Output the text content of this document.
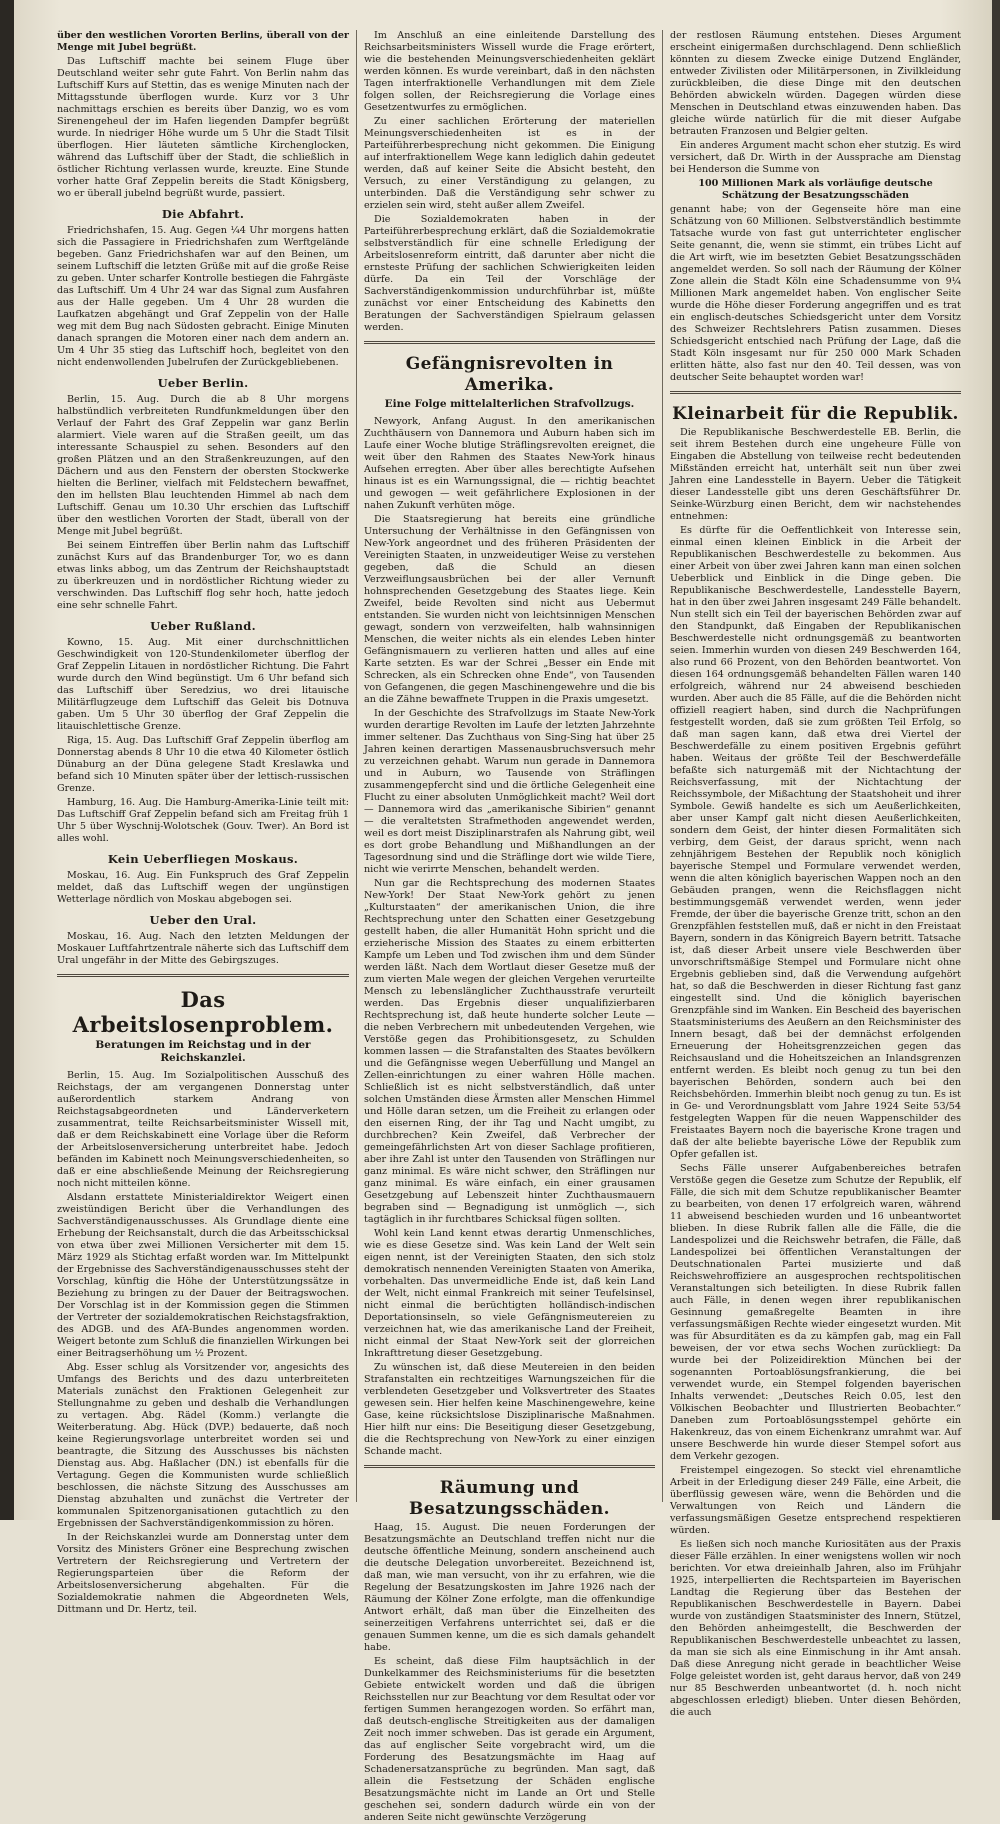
über den westlichen Vororten Berlins, überall von der Menge mit Jubel begrüßt.

Das Luftschiff machte bei seinem Fluge über Deutschland weiter sehr gute Fahrt. Von Berlin nahm das Luftschiff Kurs auf Stettin, das es wenige Minuten nach der Mittagsstunde überflogen wurde. Kurz vor 3 Uhr nachmittags erschien es bereits über Danzig, wo es vom Sirenengeheul der im Hafen liegenden Dampfer begrüßt wurde. In niedriger Höhe wurde um 5 Uhr die Stadt Tilsit überflogen. Hier läuteten sämtliche Kirchenglocken, während das Luftschiff über der Stadt, die schließlich in östlicher Richtung verlassen wurde, kreuzte. Eine Stunde vorher hatte Graf Zeppelin bereits die Stadt Königsberg, wo er überall jubelnd begrüßt wurde, passiert.

Die Abfahrt.

Friedrichshafen, 15. Aug. Gegen ¼4 Uhr morgens hatten sich die Passagiere in Friedrichshafen zum Werftgelände begeben. Ganz Friedrichshafen war auf den Beinen, um seinem Luftschiff die letzten Grüße mit auf die große Reise zu geben. Unter scharfer Kontrolle bestiegen die Fahrgäste das Luftschiff. Um 4 Uhr 24 war das Signal zum Ausfahren aus der Halle gegeben. Um 4 Uhr 28 wurden die Laufkatzen abgehängt und Graf Zeppelin von der Halle weg mit dem Bug nach Südosten gebracht. Einige Minuten danach sprangen die Motoren einer nach dem andern an. Um 4 Uhr 35 stieg das Luftschiff hoch, begleitet von den nicht endenwollenden Jubelrufen der Zurückgebliebenen.

Ueber Berlin.

Berlin, 15. Aug. Durch die ab 8 Uhr morgens halbstündlich verbreiteten Rundfunkmeldungen über den Verlauf der Fahrt des Graf Zeppelin war ganz Berlin alarmiert. Viele waren auf die Straßen geeilt, um das interessante Schauspiel zu sehen. Besonders auf den großen Plätzen und an den Straßenkreuzungen, auf den Dächern und aus den Fenstern der obersten Stockwerke hielten die Berliner, vielfach mit Feldstechern bewaffnet, den im hellsten Blau leuchtenden Himmel ab nach dem Luftschiff. Genau um 10.30 Uhr erschien das Luftschiff über den westlichen Vororten der Stadt, überall von der Menge mit Jubel begrüßt.

Bei seinem Eintreffen über Berlin nahm das Luftschiff zunächst Kurs auf das Brandenburger Tor, wo es dann etwas links abbog, um das Zentrum der Reichshauptstadt zu überkreuzen und in nordöstlicher Richtung wieder zu verschwinden. Das Luftschiff flog sehr hoch, hatte jedoch eine sehr schnelle Fahrt.

Ueber Rußland.

Kowno, 15. Aug. Mit einer durchschnittlichen Geschwindigkeit von 120-Stundenkilometer überflog der Graf Zeppelin Litauen in nordöstlicher Richtung. Die Fahrt wurde durch den Wind begünstigt. Um 6 Uhr befand sich das Luftschiff über Seredzius, wo drei litauische Militärflugzeuge dem Luftschiff das Geleit bis Dotnuva gaben. Um 5 Uhr 30 überflog der Graf Zeppelin die litauischlettische Grenze.

Riga, 15. Aug. Das Luftschiff Graf Zeppelin überflog am Donnerstag abends 8 Uhr 10 die etwa 40 Kilometer östlich Dünaburg an der Düna gelegene Stadt Kreslawka und befand sich 10 Minuten später über der lettisch-russischen Grenze.

Hamburg, 16. Aug. Die Hamburg-Amerika-Linie teilt mit: Das Luftschiff Graf Zeppelin befand sich am Freitag früh 1 Uhr 5 über Wyschnij-Wolotschek (Gouv. Twer). An Bord ist alles wohl.

Kein Ueberfliegen Moskaus.

Moskau, 16. Aug. Ein Funkspruch des Graf Zeppelin meldet, daß das Luftschiff wegen der ungünstigen Wetterlage nördlich von Moskau abgebogen sei.

Ueber den Ural.

Moskau, 16. Aug. Nach den letzten Meldungen der Moskauer Luftfahrtzentrale näherte sich das Luftschiff dem Ural ungefähr in der Mitte des Gebirgszuges.

Das Arbeitslosenproblem.
Beratungen im Reichstag und in der Reichskanzlei.

Berlin, 15. Aug. Im Sozialpolitischen Ausschuß des Reichstags, der am vergangenen Donnerstag unter außerordentlich starkem Andrang von Reichstagsabgeordneten und Länderverketern zusammentrat, teilte Reichsarbeitsminister Wissell mit, daß er dem Reichskabinett eine Vorlage über die Reform der Arbeitslosenversicherung unterbreitet habe. Jedoch befänden im Kabinett noch Meinungsverschiedenheiten, so daß er eine abschließende Meinung der Reichsregierung noch nicht mitteilen könne.

Alsdann erstattete Ministerialdirektor Weigert einen zweistündigen Bericht über die Verhandlungen des Sachverständigenausschusses. Als Grundlage diente eine Erhebung der Reichsanstalt, durch die das Arbeitsschicksal von etwa über zwei Millionen Versicherter mit dem 15. März 1929 als Stichtag erfaßt worden war. Im Mittelpunkt der Ergebnisse des Sachverständigenausschusses steht der Vorschlag, künftig die Höhe der Unterstützungssätze in Beziehung zu bringen zu der Dauer der Beitragswochen. Der Vorschlag ist in der Kommission gegen die Stimmen der Vertreter der sozialdemokratischen Reichstagsfraktion, des ADGB. und des AfA-Bundes angenommen worden. Weigert betonte zum Schluß die finanziellen Wirkungen bei einer Beitragserhöhung um ½ Prozent.

Abg. Esser schlug als Vorsitzender vor, angesichts des Umfangs des Berichts und des dazu unterbreiteten Materials zunächst den Fraktionen Gelegenheit zur Stellungnahme zu geben und deshalb die Verhandlungen zu vertagen. Abg. Rädel (Komm.) verlangte die Weiterberatung. Abg. Hück (DVP.) bedauerte, daß noch keine Regierungsvorlage unterbreitet worden sei und beantragte, die Sitzung des Ausschusses bis nächsten Dienstag aus. Abg. Haßlacher (DN.) ist ebenfalls für die Vertagung. Gegen die Kommunisten wurde schließlich beschlossen, die nächste Sitzung des Ausschusses am Dienstag abzuhalten und zunächst die Vertreter der kommunalen Spitzenorganisationen gutachtlich zu den Ergebnissen der Sachverständigenkommission zu hören.

In der Reichskanzlei wurde am Donnerstag unter dem Vorsitz des Ministers Gröner eine Besprechung zwischen Vertretern der Reichsregierung und Vertretern der Regierungsparteien über die Reform der Arbeitslosenversicherung abgehalten. Für die Sozialdemokratie nahmen die Abgeordneten Wels, Dittmann und Dr. Hertz, teil.

Im Anschluß an eine einleitende Darstellung des Reichsarbeitsministers Wissell wurde die Frage erörtert, wie die bestehenden Meinungsverschiedenheiten geklärt werden können. Es wurde vereinbart, daß in den nächsten Tagen interfraktionelle Verhandlungen mit dem Ziele folgen sollen, der Reichsregierung die Vorlage eines Gesetzentwurfes zu ermöglichen.

Zu einer sachlichen Erörterung der materiellen Meinungsverschiedenheiten ist es in der Parteiführerbesprechung nicht gekommen. Die Einigung auf interfraktionellem Wege kann lediglich dahin gedeutet werden, daß auf keiner Seite die Absicht besteht, den Versuch, zu einer Verständigung zu gelangen, zu unterbinden. Daß die Verständigung sehr schwer zu erzielen sein wird, steht außer allem Zweifel.

Die Sozialdemokraten haben in der Parteiführerbesprechung erklärt, daß die Sozialdemokratie selbstverständlich für eine schnelle Erledigung der Arbeitslosenreform eintritt, daß darunter aber nicht die ernsteste Prüfung der sachlichen Schwierigkeiten leiden dürfe. Da ein Teil der Vorschläge der Sachverständigenkommission undurchführbar ist, müßte zunächst vor einer Entscheidung des Kabinetts den Beratungen der Sachverständigen Spielraum gelassen werden.

Gefängnisrevolten in Amerika.
Eine Folge mittelalterlichen Strafvollzugs.

Newyork, Anfang August. In den amerikanischen Zuchthäusern von Dannemora und Auburn haben sich im Laufe einer Woche blutige Sträflingsrevolten ereignet, die weit über den Rahmen des Staates New-York hinaus Aufsehen erregten. Aber über alles berechtigte Aufsehen hinaus ist es ein Warnungssignal, die — richtig beachtet und gewogen — weit gefährlichere Explosionen in der nahen Zukunft verhüten möge.

Die Staatsregierung hat bereits eine gründliche Untersuchung der Verhältnisse in den Gefängnissen von New-York angeordnet und des früheren Präsidenten der Vereinigten Staaten, in unzweideutiger Weise zu verstehen gegeben, daß die Schuld an diesen Verzweiflungsausbrüchen bei der aller Vernunft hohnsprechenden Gesetzgebung des Staates liege. Kein Zweifel, beide Revolten sind nicht aus Uebermut entstanden. Sie wurden nicht von leichtsinnigen Menschen gewagt, sondern von verzweifelten, halb wahnsinnigen Menschen, die weiter nichts als ein elendes Leben hinter Gefängnismauern zu verlieren hatten und alles auf eine Karte setzten. Es war der Schrei „Besser ein Ende mit Schrecken, als ein Schrecken ohne Ende“, von Tausenden von Gefangenen, die gegen Maschinengewehre und die bis an die Zähne bewaffnete Truppen in die Praxis umgesetzt.

In der Geschichte des Strafvollzugs im Staate New-York wurden derartige Revolten im Laufe der letzten Jahrzehnte immer seltener. Das Zuchthaus von Sing-Sing hat über 25 Jahren keinen derartigen Massenausbruchsversuch mehr zu verzeichnen gehabt. Warum nun gerade in Dannemora und in Auburn, wo Tausende von Sträflingen zusammengepfercht sind und die örtliche Gelegenheit eine Flucht zu einer absoluten Unmöglichkeit macht? Weil dort — Dannemora wird das „amerikanische Sibirien“ genannt — die veraltetsten Strafmethoden angewendet werden, weil es dort meist Disziplinarstrafen als Nahrung gibt, weil es dort grobe Behandlung und Mißhandlungen an der Tagesordnung sind und die Sträflinge dort wie wilde Tiere, nicht wie verirrte Menschen, behandelt werden.

Nun gar die Rechtsprechung des modernen Staates New-York! Der Staat New-York gehört zu jenen „Kulturstaaten“ der amerikanischen Union, die ihre Rechtsprechung unter den Schatten einer Gesetzgebung gestellt haben, die aller Humanität Hohn spricht und die erzieherische Mission des Staates zu einem erbitterten Kampfe um Leben und Tod zwischen ihm und dem Sünder werden läßt. Nach dem Wortlaut dieser Gesetze muß der zum vierten Male wegen der gleichen Vergehen verurteilte Mensch zu lebenslänglicher Zuchthausstrafe verurteilt werden. Das Ergebnis dieser unqualifizierbaren Rechtsprechung ist, daß heute hunderte solcher Leute — die neben Verbrechern mit unbedeutenden Vergehen, wie Verstöße gegen das Prohibitionsgesetz, zu Schulden kommen lassen — die Strafanstalten des Staates bevölkern und die Gefängnisse wegen Ueberfüllung und Mangel an Zellen-einrichtungen zu einer wahren Hölle machen. Schließlich ist es nicht selbstverständlich, daß unter solchen Umständen diese Ärmsten aller Menschen Himmel und Hölle daran setzen, um die Freiheit zu erlangen oder den eisernen Ring, der ihr Tag und Nacht umgibt, zu durchbrechen? Kein Zweifel, daß Verbrecher der gemeingefährlichsten Art von dieser Sachlage profitieren, aber ihre Zahl ist unter den Tausenden von Sträflingen nur ganz minimal. Es wäre nicht schwer, den Sträflingen nur ganz minimal. Es wäre einfach, ein einer grausamen Gesetzgebung auf Lebenszeit hinter Zuchthausmauern begraben sind — Begnadigung ist unmöglich —, sich tagtäglich in ihr furchtbares Schicksal fügen sollten.

Wohl kein Land kennt etwas derartig Unmenschliches, wie es diese Gesetze sind. Was kein Land der Welt sein eigen nennt, ist der Vereinigten Staaten, den sich stolz demokratisch nennenden Vereinigten Staaten von Amerika, vorbehalten. Das unvermeidliche Ende ist, daß kein Land der Welt, nicht einmal Frankreich mit seiner Teufelsinsel, nicht einmal die berüchtigten holländisch-indischen Deportationsinseln, so viele Gefängnismeutereien zu verzeichnen hat, wie das amerikanische Land der Freiheit, nicht einmal der Staat New-York seit der glorreichen Inkrafttretung dieser Gesetzgebung.

Zu wünschen ist, daß diese Meutereien in den beiden Strafanstalten ein rechtzeitiges Warnungszeichen für die verblendeten Gesetzgeber und Volksvertreter des Staates gewesen sein. Hier helfen keine Maschinengewehre, keine Gase, keine rücksichtslose Disziplinarische Maßnahmen. Hier hilft nur eins: Die Beseitigung dieser Gesetzgebung, die die Rechtsprechung von New-York zu einer einzigen Schande macht.

Räumung und Besatzungsschäden.

Haag, 15. August. Die neuen Forderungen der Besatzungsmächte an Deutschland treffen nicht nur die deutsche öffentliche Meinung, sondern anscheinend auch die deutsche Delegation unvorbereitet. Bezeichnend ist, daß man, wie man versucht, von ihr zu erfahren, wie die Regelung der Besatzungskosten im Jahre 1926 nach der Räumung der Kölner Zone erfolgte, man die offenkundige Antwort erhält, daß man über die Einzelheiten des seinerzeitigen Verfahrens unterrichtet sei, daß er die genauen Summen kenne, um die es sich damals gehandelt habe.

Es scheint, daß diese Film hauptsächlich in der Dunkelkammer des Reichsministeriums für die besetzten Gebiete entwickelt worden und daß die übrigen Reichsstellen nur zur Beachtung vor dem Resultat oder vor fertigen Summen herangezogen worden. So erfährt man, daß deutsch-englische Streitigkeiten aus der damaligen Zeit noch immer schweben. Das ist gerade ein Argument, das auf englischer Seite vorgebracht wird, um die Forderung des Besatzungsmächte im Haag auf Schadenersatzansprüche zu begründen. Man sagt, daß allein die Festsetzung der Schäden englische Besatzungsmächte nicht im Lande an Ort und Stelle geschehen sei, sondern dadurch würde ein von der anderen Seite nicht gewünschte Verzögerung

der restlosen Räumung entstehen. Dieses Argument erscheint einigermaßen durchschlagend. Denn schließlich könnten zu diesem Zwecke einige Dutzend Engländer, entweder Zivilisten oder Militärpersonen, in Zivilkleidung zurückbleiben, die diese Dinge mit den deutschen Behörden abwickeln würden. Dagegen würden diese Menschen in Deutschland etwas einzuwenden haben. Das gleiche würde natürlich für die mit dieser Aufgabe betrauten Franzosen und Belgier gelten.

Ein anderes Argument macht schon eher stutzig. Es wird versichert, daß Dr. Wirth in der Aussprache am Dienstag bei Henderson die Summe von

100 Millionen Mark als vorläufige deutsche Schätzung der Besatzungsschäden

genannt habe; von der Gegenseite höre man eine Schätzung von 60 Millionen. Selbstverständlich bestimmte Tatsache wurde von fast gut unterrichteter englischer Seite genannt, die, wenn sie stimmt, ein trübes Licht auf die Art wirft, wie im besetzten Gebiet Besatzungsschäden angemeldet werden. So soll nach der Räumung der Kölner Zone allein die Stadt Köln eine Schadensumme von 9¼ Millionen Mark angemeldet haben. Von englischer Seite wurde die Höhe dieser Forderung angegriffen und es trat ein englisch-deutsches Schiedsgericht unter dem Vorsitz des Schweizer Rechtslehrers Patisn zusammen. Dieses Schiedsgericht entschied nach Prüfung der Lage, daß die Stadt Köln insgesamt nur für 250 000 Mark Schaden erlitten hätte, also fast nur den 40. Teil dessen, was von deutscher Seite behauptet worden war!

Kleinarbeit für die Republik.

Die Republikanische Beschwerdestelle EB. Berlin, die seit ihrem Bestehen durch eine ungeheure Fülle von Eingaben die Abstellung von teilweise recht bedeutenden Mißständen erreicht hat, unterhält seit nun über zwei Jahren eine Landesstelle in Bayern. Ueber die Tätigkeit dieser Landesstelle gibt uns deren Geschäftsführer Dr. Seinke-Würzburg einen Bericht, dem wir nachstehendes entnehmen:

Es dürfte für die Oeffentlichkeit von Interesse sein, einmal einen kleinen Einblick in die Arbeit der Republikanischen Beschwerdestelle zu bekommen. Aus einer Arbeit von über zwei Jahren kann man einen solchen Ueberblick und Einblick in die Dinge geben. Die Republikanische Beschwerdestelle, Landesstelle Bayern, hat in den über zwei Jahren insgesamt 249 Fälle behandelt. Nun stellt sich ein Teil der bayerischen Behörden zwar auf den Standpunkt, daß Eingaben der Republikanischen Beschwerdestelle nicht ordnungsgemäß zu beantworten seien. Immerhin wurden von diesen 249 Beschwerden 164, also rund 66 Prozent, von den Behörden beantwortet. Von diesen 164 ordnungsgemäß behandelten Fällen waren 140 erfolgreich, während nur 24 abweisend beschieden wurden. Aber auch die 85 Fälle, auf die die Behörden nicht offiziell reagiert haben, sind durch die Nachprüfungen festgestellt worden, daß sie zum größten Teil Erfolg, so daß man sagen kann, daß etwa drei Viertel der Beschwerdefälle zu einem positiven Ergebnis geführt haben. Weitaus der größte Teil der Beschwerdefälle befaßte sich naturgemäß mit der Nichtachtung der Reichsverfassung, mit der Nichtachtung der Reichssymbole, der Mißachtung der Staatshoheit und ihrer Symbole. Gewiß handelte es sich um Aeußerlichkeiten, aber unser Kampf galt nicht diesen Aeußerlichkeiten, sondern dem Geist, der hinter diesen Formalitäten sich verbirg, dem Geist, der daraus spricht, wenn nach zehnjährigem Bestehen der Republik noch königlich bayerische Stempel und Formulare verwendet werden, wenn die alten königlich bayerischen Wappen noch an den Gebäuden prangen, wenn die Reichsflaggen nicht bestimmungsgemäß verwendet werden, wenn jeder Fremde, der über die bayerische Grenze tritt, schon an den Grenzpfählen feststellen muß, daß er nicht in den Freistaat Bayern, sondern in das Königreich Bayern betritt. Tatsache ist, daß dieser Arbeit unsere viele Beschwerden über unvorschriftsmäßige Stempel und Formulare nicht ohne Ergebnis geblieben sind, daß die Verwendung aufgehört hat, so daß die Beschwerden in dieser Richtung fast ganz eingestellt sind. Und die königlich bayerischen Grenzpfähle sind im Wanken. Ein Bescheid des bayerischen Staatsministeriums des Aeußern an den Reichsminister des Innern besagt, daß bei der demnächst erfolgenden Erneuerung der Hoheitsgrenzzeichen gegen das Reichsausland und die Hoheitszeichen an Inlandsgrenzen entfernt werden. Es bleibt noch genug zu tun bei den bayerischen Behörden, sondern auch bei den Reichsbehörden. Immerhin bleibt noch genug zu tun. Es ist in Ge- und Verordnungsblatt vom Jahre 1924 Seite 53/54 festgelegten Wappen für die neuen Wappenschilder des Freistaates Bayern noch die bayerische Krone tragen und daß der alte beliebte bayerische Löwe der Republik zum Opfer gefallen ist.

Sechs Fälle unserer Aufgabenbereiches betrafen Verstöße gegen die Gesetze zum Schutze der Republik, elf Fälle, die sich mit dem Schutze republikanischer Beamter zu bearbeiten, von denen 17 erfolgreich waren, während 11 abweisend beschieden wurden und 16 unbeantwortet blieben. In diese Rubrik fallen alle die Fälle, die die Landespolizei und die Reichswehr betrafen, die Fälle, daß Landespolizei bei öffentlichen Veranstaltungen der Deutschnationalen Partei musizierte und daß Reichswehroffiziere an ausgesprochen rechtspolitischen Veranstaltungen sich beteiligten. In diese Rubrik fallen auch Fälle, in denen wegen ihrer republikanischen Gesinnung gemaßregelte Beamten in ihre verfassungsmäßigen Rechte wieder eingesetzt wurden. Mit was für Absurditäten es da zu kämpfen gab, mag ein Fall beweisen, der vor etwa sechs Wochen zurückliegt: Da wurde bei der Polizeidirektion München bei der sogenannten Portoablösungsfrankierung, die bei verwendet wurde, ein Stempel folgenden bayerischen Inhalts verwendet: „Deutsches Reich 0.05, lest den Völkischen Beobachter und Illustrierten Beobachter.“ Daneben zum Portoablösungsstempel gehörte ein Hakenkreuz, das von einem Eichenkranz umrahmt war. Auf unsere Beschwerde hin wurde dieser Stempel sofort aus dem Verkehr gezogen.

Freistempel eingezogen. So steckt viel ehrenamtliche Arbeit in der Erledigung dieser 249 Fälle, eine Arbeit, die überflüssig gewesen wäre, wenn die Behörden und die Verwaltungen von Reich und Ländern die verfassungsmäßigen Gesetze entsprechend respektieren würden.

Es ließen sich noch manche Kuriositäten aus der Praxis dieser Fälle erzählen. In einer wenigstens wollen wir noch berichten. Vor etwa dreieinhalb Jahren, also im Frühjahr 1925, interpellierten die Rechtsparteien im Bayerischen Landtag die Regierung über das Bestehen der Republikanischen Beschwerdestelle in Bayern. Dabei wurde von zuständigen Staatsminister des Innern, Stützel, den Behörden anheimgestellt, die Beschwerden der Republikanischen Beschwerdestelle unbeachtet zu lassen, da man sie sich als eine Einmischung in ihr Amt ansah. Daß diese Anregung nicht gerade in beachtlicher Weise Folge geleistet worden ist, geht daraus hervor, daß von 249 nur 85 Beschwerden unbeantwortet (d. h. noch nicht abgeschlossen erledigt) blieben. Unter diesen Behörden, die auch
